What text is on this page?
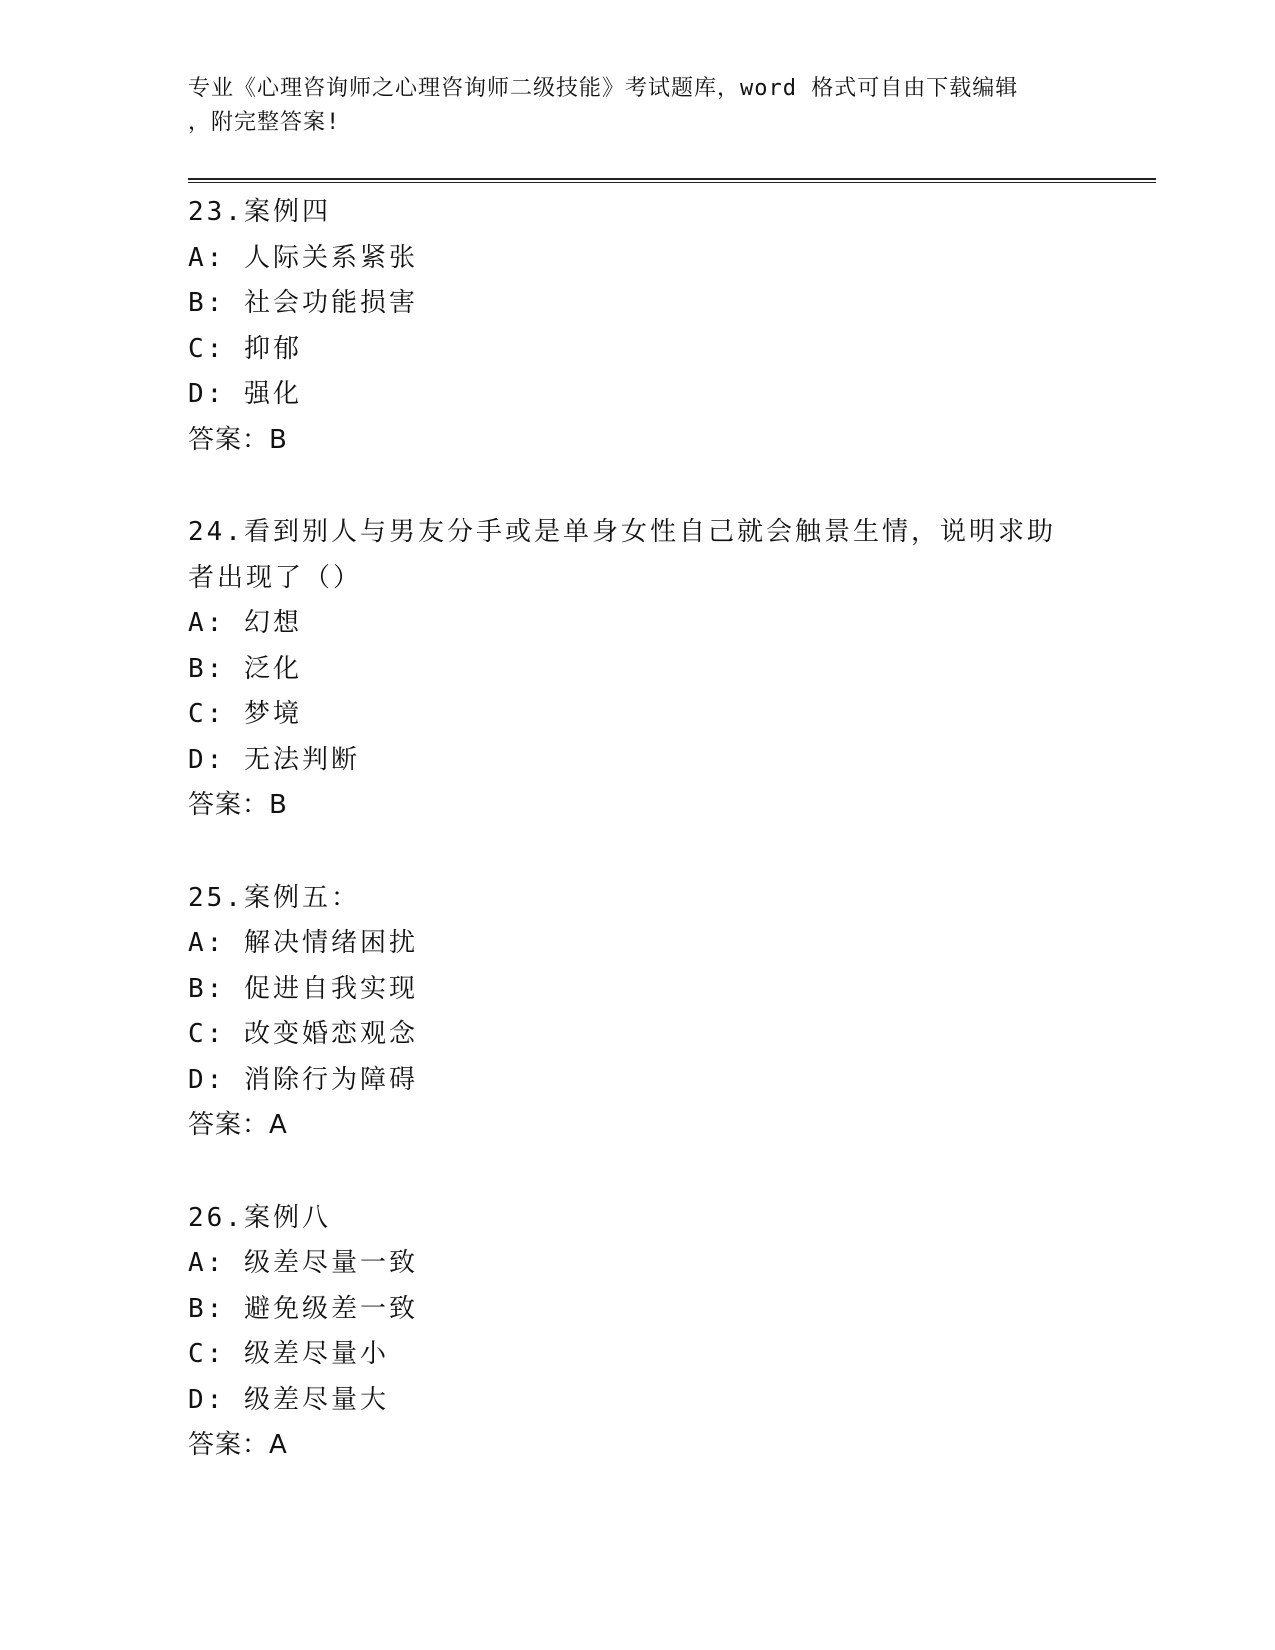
专业《心理咨询师之心理咨询师二级技能》考试题库，word 格式可自由下载编辑
，附完整答案!
23.案例四
A: 人际关系紧张
B: 社会功能损害
C: 抑郁
D: 强化
答案：B
24.看到别人与男友分手或是单身女性自己就会触景生情，说明求助者出现了（）
A: 幻想
B: 泛化
C: 梦境
D: 无法判断
答案：B
25.案例五：
A: 解决情绪困扰
B: 促进自我实现
C: 改变婚恋观念
D: 消除行为障碍
答案：A
26.案例八
A: 级差尽量一致
B: 避免级差一致
C: 级差尽量小
D: 级差尽量大
答案：A
